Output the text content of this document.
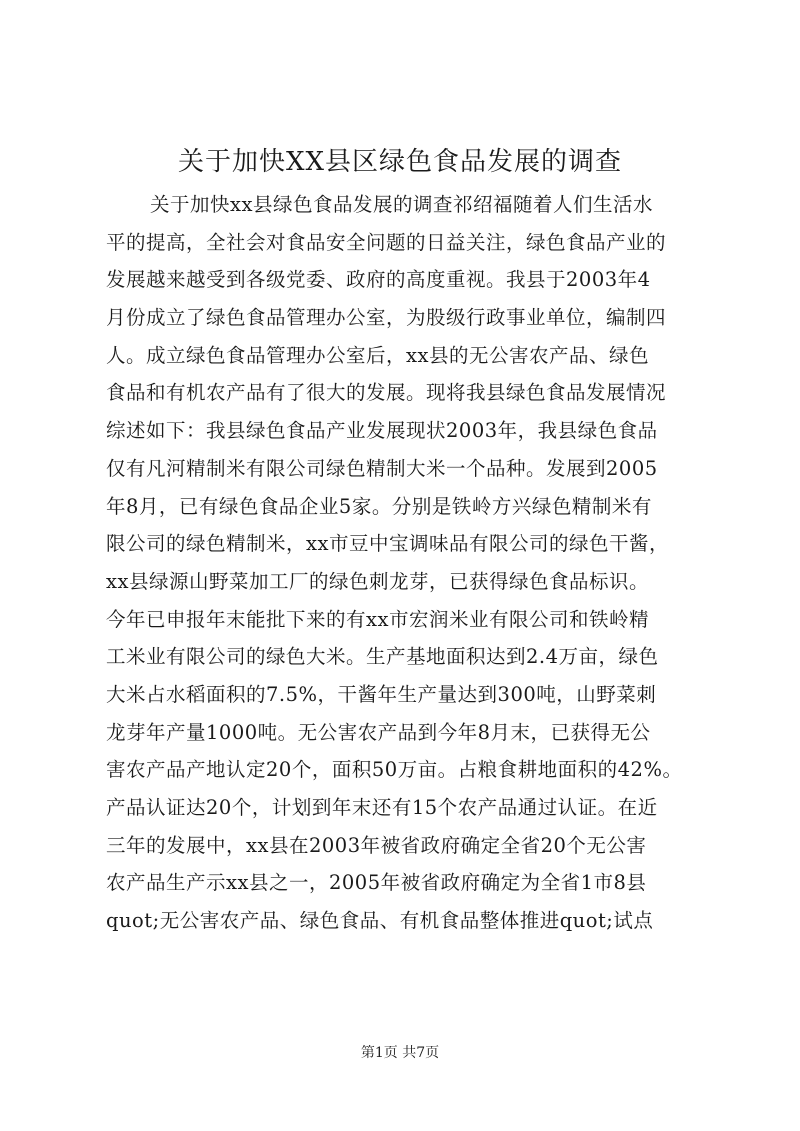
关于加快XX县区绿色食品发展的调查
关于加快xx县绿色食品发展的调查祁绍福随着人们生活水
平的提高，全社会对食品安全问题的日益关注，绿色食品产业的
发展越来越受到各级党委、政府的高度重视。我县于2003年4
月份成立了绿色食品管理办公室，为股级行政事业单位，编制四
人。成立绿色食品管理办公室后，xx县的无公害农产品、绿色
食品和有机农产品有了很大的发展。现将我县绿色食品发展情况
综述如下：我县绿色食品产业发展现状2003年，我县绿色食品
仅有凡河精制米有限公司绿色精制大米一个品种。发展到2005
年8月，已有绿色食品企业5家。分别是铁岭方兴绿色精制米有
限公司的绿色精制米，xx市豆中宝调味品有限公司的绿色干酱，
xx县绿源山野菜加工厂的绿色刺龙芽，已获得绿色食品标识。
今年已申报年末能批下来的有xx市宏润米业有限公司和铁岭精
工米业有限公司的绿色大米。生产基地面积达到2.4万亩，绿色
大米占水稻面积的7.5%，干酱年生产量达到300吨，山野菜刺
龙芽年产量1000吨。无公害农产品到今年8月末，已获得无公
害农产品产地认定20个，面积50万亩。占粮食耕地面积的42%。
产品认证达20个，计划到年末还有15个农产品通过认证。在近
三年的发展中，xx县在2003年被省政府确定全省20个无公害
农产品生产示xx县之一，2005年被省政府确定为全省1市8县
quot;无公害农产品、绿色食品、有机食品整体推进quot;试点
第1页 共7页
